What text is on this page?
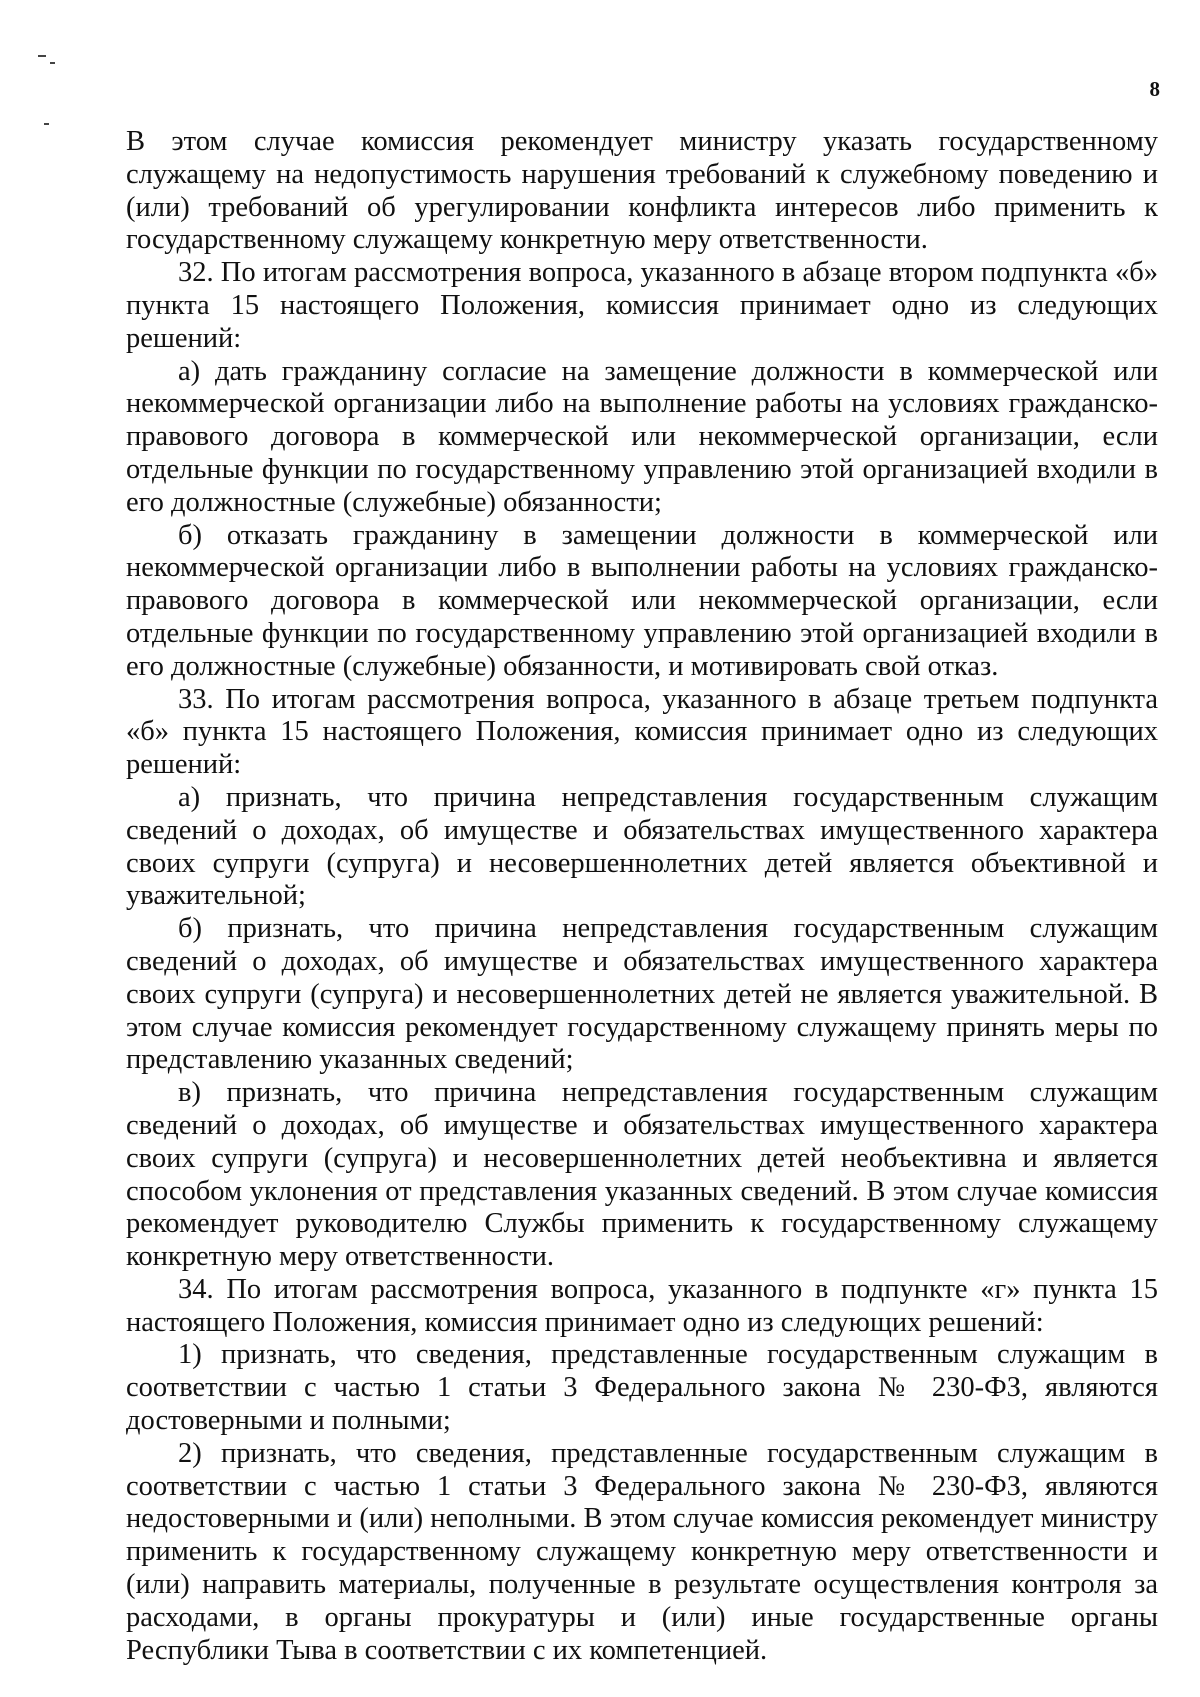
8

В этом случае комиссия рекомендует министру указать государственному служащему на недопустимость нарушения требований к служебному поведению и (или) требований об урегулировании конфликта интересов либо применить к государственному служащему конкретную меру ответственности.

32. По итогам рассмотрения вопроса, указанного в абзаце втором подпункта «б» пункта 15 настоящего Положения, комиссия принимает одно из следующих решений:

а) дать гражданину согласие на замещение должности в коммерческой или некоммерческой организации либо на выполнение работы на условиях гражданско-правового договора в коммерческой или некоммерческой организации, если отдельные функции по государственному управлению этой организацией входили в его должностные (служебные) обязанности;

б) отказать гражданину в замещении должности в коммерческой или некоммерческой организации либо в выполнении работы на условиях гражданско-правового договора в коммерческой или некоммерческой организации, если отдельные функции по государственному управлению этой организацией входили в его должностные (служебные) обязанности, и мотивировать свой отказ.

33. По итогам рассмотрения вопроса, указанного в абзаце третьем подпункта «б» пункта 15 настоящего Положения, комиссия принимает одно из следующих решений:

а) признать, что причина непредставления государственным служащим сведений о доходах, об имуществе и обязательствах имущественного характера своих супруги (супруга) и несовершеннолетних детей является объективной и уважительной;

б) признать, что причина непредставления государственным служащим сведений о доходах, об имуществе и обязательствах имущественного характера своих супруги (супруга) и несовершеннолетних детей не является уважительной. В этом случае комиссия рекомендует государственному служащему принять меры по представлению указанных сведений;

в) признать, что причина непредставления государственным служащим сведений о доходах, об имуществе и обязательствах имущественного характера своих супруги (супруга) и несовершеннолетних детей необъективна и является способом уклонения от представления указанных сведений. В этом случае комиссия рекомендует руководителю Службы применить к государственному служащему конкретную меру ответственности.

34. По итогам рассмотрения вопроса, указанного в подпункте «г» пункта 15 настоящего Положения, комиссия принимает одно из следующих решений:

1) признать, что сведения, представленные государственным служащим в соответствии с частью 1 статьи 3 Федерального закона № 230-ФЗ, являются достоверными и полными;

2) признать, что сведения, представленные государственным служащим в соответствии с частью 1 статьи 3 Федерального закона № 230-ФЗ, являются недостоверными и (или) неполными. В этом случае комиссия рекомендует министру применить к государственному служащему конкретную меру ответственности и (или) направить материалы, полученные в результате осуществления контроля за расходами, в органы прокуратуры и (или) иные государственные органы Республики Тыва в соответствии с их компетенцией.
